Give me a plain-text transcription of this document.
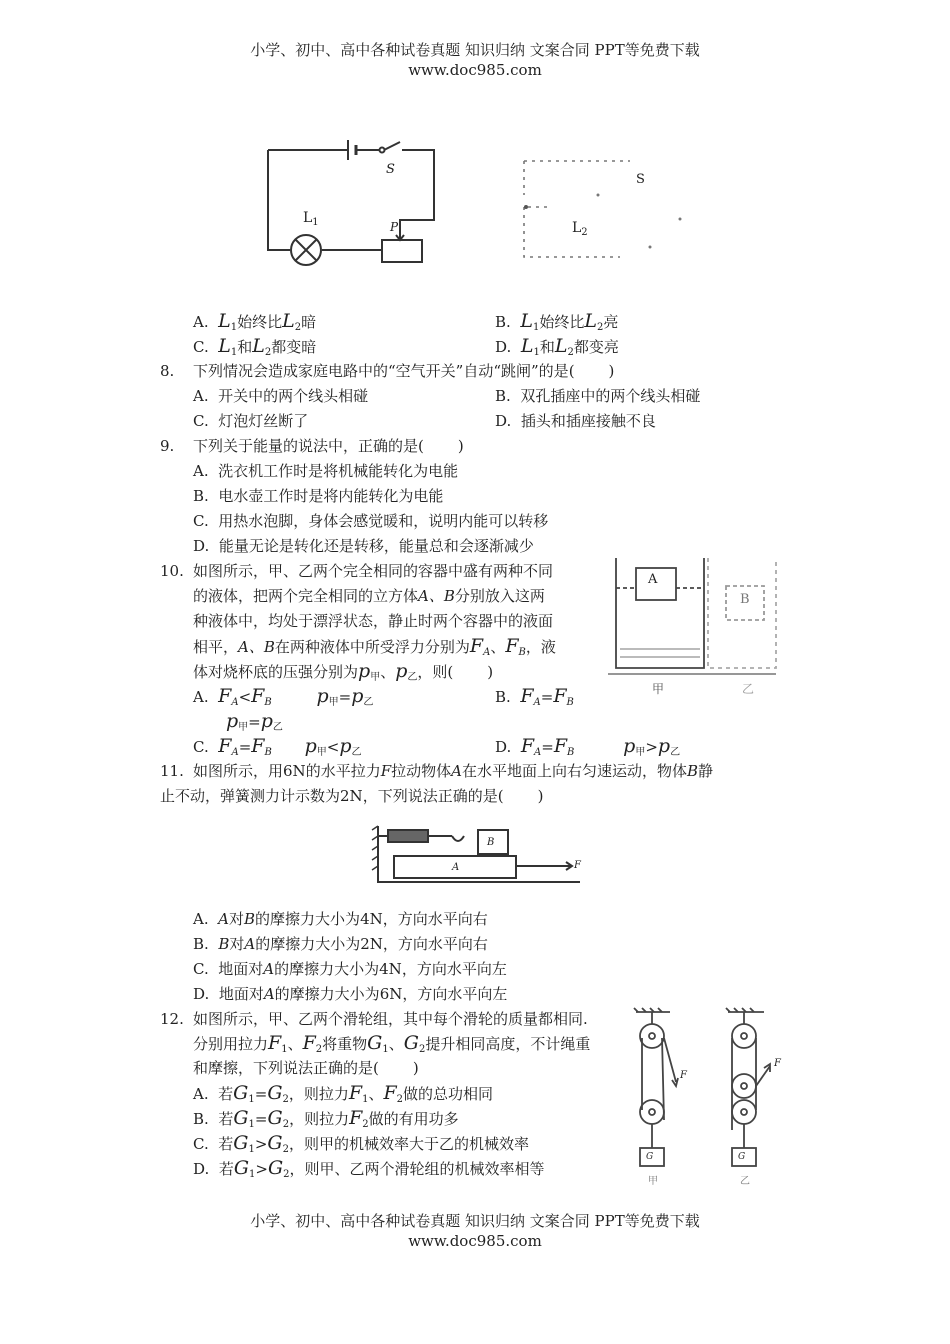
小学、初中、高中各种试卷真题 知识归纳 文案合同 PPT等免费下载
www.doc985.com
S
$L_1$	P
S
$L_2$
A. $L_1$始终比$L_2$暗	B. $L_1$始终比$L_2$亮
C. $L_1$和$L_2$都变暗	D. $L_1$和$L_2$都变亮
8. 下列情况会造成家庭电路中的“空气开关”自动“跳闸”的是( )
A. 开关中的两个线头相碰	B. 双孔插座中的两个线头相碰
C. 灯泡灯丝断了	D. 插头和插座接触不良
9. 下列关于能量的说法中，正确的是( )
A. 洗衣机工作时是将机械能转化为电能
B. 电水壶工作时是将内能转化为电能
C. 用热水泡脚，身体会感觉暖和，说明内能可以转移
D. 能量无论是转化还是转移，能量总和会逐渐减少
10. 如图所示，甲、乙两个完全相同的容器中盛有两种不同
的液体，把两个完全相同的立方体A、B分别放入这两
种液体中，均处于漂浮状态，静止时两个容器中的液面
相平，A、B在两种液体中所受浮力分别为$F_A$、$F_B$，液
体对烧杯底的压强分别为$p_甲$、$p_乙$，则( )
A. $F_A<F_B$ $p_甲=p_乙$	B. $F_A=F_B$
$p_甲=p_乙$
C. $F_A=F_B$ $p_甲<p_乙$	D. $F_A=F_B$	$p_甲>p_乙$
A
B
甲	乙
11. 如图所示，用6N的水平拉力F拉动物体A在水平地面上向右匀速运动，物体B静
止不动，弹簧测力计示数为2N，下列说法正确的是( )
B
A	F
A. A对B的摩擦力大小为4N，方向水平向右
B. B对A的摩擦力大小为2N，方向水平向右
C. 地面对A的摩擦力大小为4N，方向水平向左
D. 地面对A的摩擦力大小为6N，方向水平向左
12. 如图所示，甲、乙两个滑轮组，其中每个滑轮的质量都相同.
分别用拉力$F_1$、$F_2$将重物$G_1$、$G_2$提升相同高度，不计绳重
和摩擦，下列说法正确的是( )
A. 若$G_1=G_2$，则拉力$F_1$、$F_2$做的总功相同
B. 若$G_1=G_2$，则拉力$F_2$做的有用功多
C. 若$G_1>G_2$，则甲的机械效率大于乙的机械效率
D. 若$G_1>G_2$，则甲、乙两个滑轮组的机械效率相等
F
F
G	G
甲	乙
小学、初中、高中各种试卷真题 知识归纳 文案合同 PPT等免费下载
www.doc985.com
